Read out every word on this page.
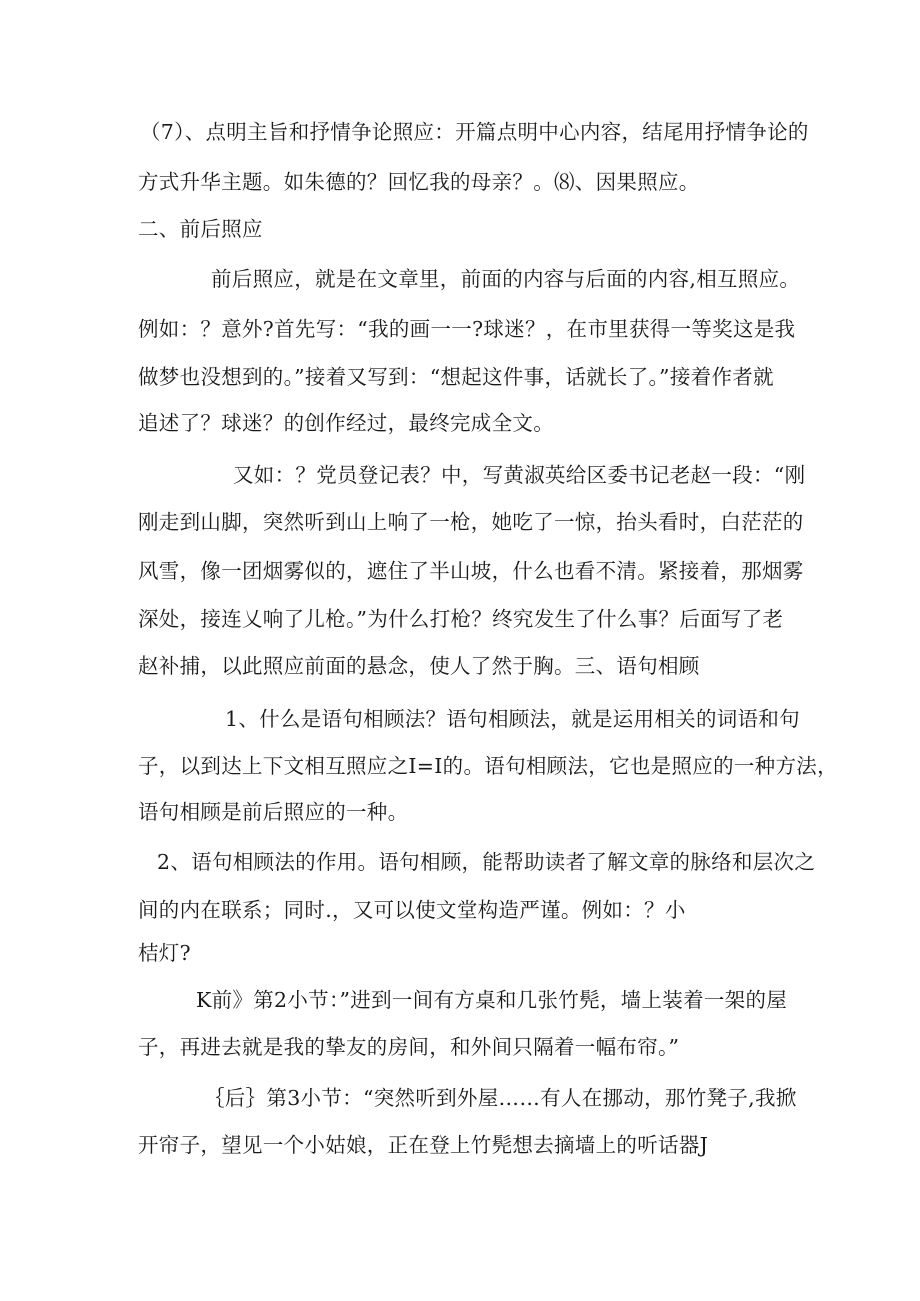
（7）、点明主旨和抒情争论照应：开篇点明中心内容，结尾用抒情争论的
方式升华主题。如朱德的？回忆我的母亲？。⑻、因果照应。
二、前后照应
前后照应，就是在文章里，前面的内容与后面的内容,相互照应。
例如：？意外?首先写：“我的画一一?球迷？，在市里获得一等奖这是我
做梦也没想到的。”接着又写到：“想起这件事，话就长了。”接着作者就
追述了？球迷？的创作经过，最终完成全文。
又如：？党员登记表？中，写黄淑英给区委书记老赵一段：“刚
刚走到山脚，突然听到山上响了一枪，她吃了一惊，抬头看时，白茫茫的
风雪，像一团烟雾似的，遮住了半山坡，什么也看不清。紧接着，那烟雾
深处，接连乂响了儿枪。”为什么打枪？终究发生了什么事？后面写了老
赵补捕，以此照应前面的悬念，使人了然于胸。三、语句相顾
1、什么是语句相顾法？语句相顾法，就是运用相关的词语和句
子，以到达上下文相互照应之I=I的。语句相顾法，它也是照应的一种方法，
语句相顾是前后照应的一种。
2、语句相顾法的作用。语句相顾，能帮助读者了解文章的脉络和层次之
间的内在联系；同时.，又可以使文堂构造严谨。例如：？小
桔灯?
K前》第2小节：”进到一间有方桌和几张竹髡，墙上装着一架的屋
子，再进去就是我的挚友的房间，和外间只隔着一幅布帘。”
｛后｝第3小节：“突然听到外屋……有人在挪动，那竹凳子,我掀
开帘子，望见一个小姑娘，正在登上竹髡想去摘墙上的听话器J
